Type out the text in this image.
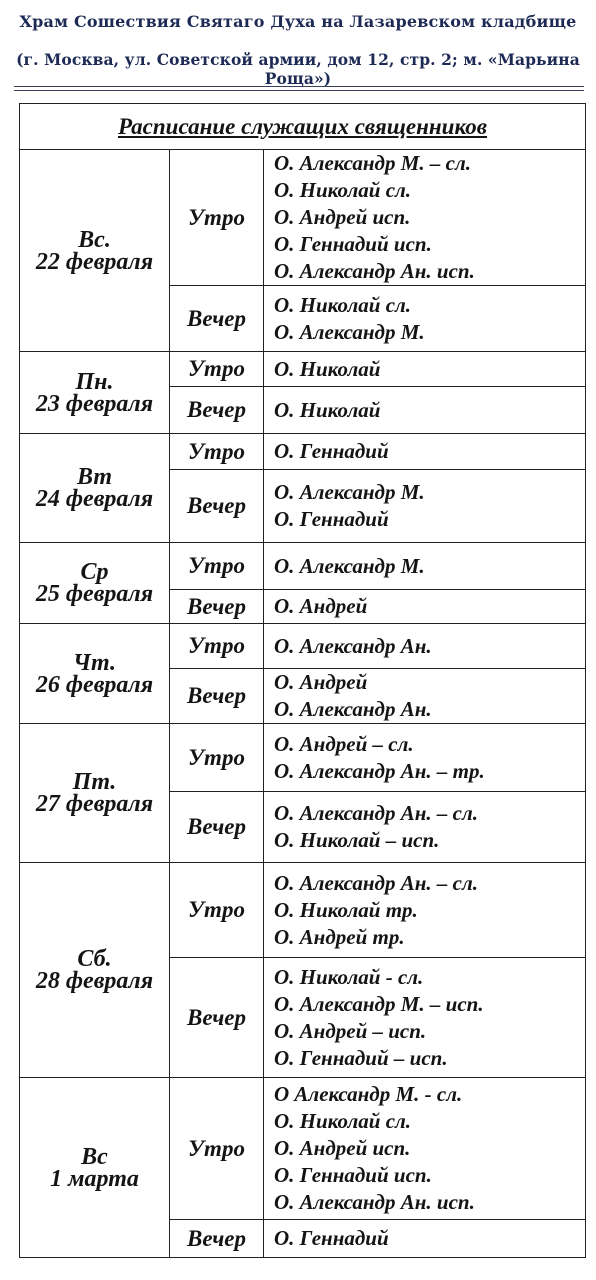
Храм Сошествия Святаго Духа на Лазаревском кладбище
(г. Москва, ул. Советской армии, дом 12, стр. 2; м. «Марьина Роща»)
Расписание служащих священников		

Вс.
22 февраля	Утро	О. Александр М. – сл.
О. Николай сл.
О. Андрей исп.
О. Геннадий исп.
О. Александр Ан. исп.

	Вечер	О. Николай сл.
О. Александр М.

Пн.
23 февраля	Утро	О. Николай

	Вечер	О. Николай

Вт
24 февраля	Утро	О. Геннадий

	Вечер	О. Александр М.
О. Геннадий

Ср
25 февраля	Утро	О. Александр М.

	Вечер	О. Андрей

Чт.
26 февраля	Утро	О. Александр Ан.

	Вечер	О. Андрей
О. Александр Ан.

Пт.
27 февраля	Утро	О. Андрей – сл.
О. Александр Ан. – тр.

	Вечер	О. Александр Ан. – сл.
О. Николай – исп.

Сб.
28 февраля	Утро	О. Александр Ан. – сл.
О. Николай тр.
О. Андрей тр.

	Вечер	О. Николай - сл.
О. Александр М. – исп.
О. Андрей – исп.
О. Геннадий – исп.

Вс
1 марта	Утро	О Александр М. - сл.
О. Николай сл.
О. Андрей исп.
О. Геннадий исп.
О. Александр Ан. исп.

	Вечер	О. Геннадий
